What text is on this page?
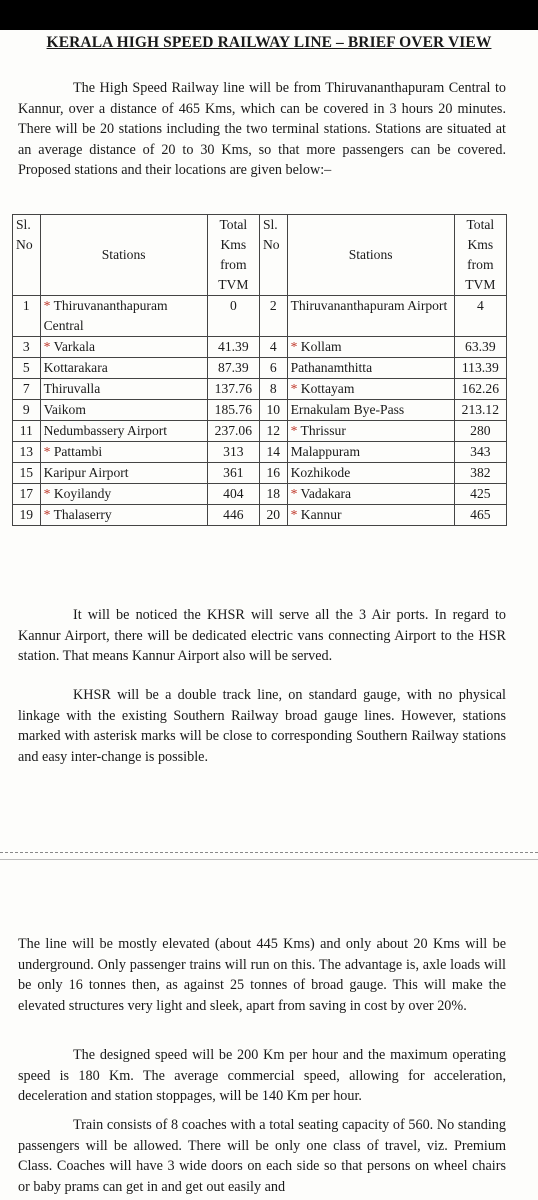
KERALA HIGH SPEED RAILWAY LINE – BRIEF OVER VIEW

The High Speed Railway line will be from Thiruvananthapuram Central to Kannur, over a distance of 465 Kms, which can be covered in 3 hours 20 minutes. There will be 20 stations including the two terminal stations. Stations are situated at an average distance of 20 to 30 Kms, so that more passengers can be covered. Proposed stations and their locations are given below:–

Sl. No	Stations	Total Kms from TVM	Sl. No	Stations	Total Kms from TVM
1	* Thiruvananthapuram Central	0	2	Thiruvananthapuram Airport	4
3	* Varkala	41.39	4	* Kollam	63.39
5	Kottarakara	87.39	6	Pathanamthitta	113.39
7	Thiruvalla	137.76	8	* Kottayam	162.26
9	Vaikom	185.76	10	Ernakulam Bye-Pass	213.12
11	Nedumbassery Airport	237.06	12	* Thrissur	280
13	* Pattambi	313	14	Malappuram	343
15	Karipur Airport	361	16	Kozhikode	382
17	* Koyilandy	404	18	* Vadakara	425
19	* Thalaserry	446	20	* Kannur	465

It will be noticed the KHSR will serve all the 3 Air ports. In regard to Kannur Airport, there will be dedicated electric vans connecting Airport to the HSR station. That means Kannur Airport also will be served.

KHSR will be a double track line, on standard gauge, with no physical linkage with the existing Southern Railway broad gauge lines. However, stations marked with asterisk marks will be close to corresponding Southern Railway stations and easy inter-change is possible.

The line will be mostly elevated (about 445 Kms) and only about 20 Kms will be underground. Only passenger trains will run on this. The advantage is, axle loads will be only 16 tonnes then, as against 25 tonnes of broad gauge. This will make the elevated structures very light and sleek, apart from saving in cost by over 20%.

The designed speed will be 200 Km per hour and the maximum operating speed is 180 Km. The average commercial speed, allowing for acceleration, deceleration and station stoppages, will be 140 Km per hour.

Train consists of 8 coaches with a total seating capacity of 560. No standing passengers will be allowed. There will be only one class of travel, viz. Premium Class. Coaches will have 3 wide doors on each side so that persons on wheel chairs or baby prams can get in and get out easily and
